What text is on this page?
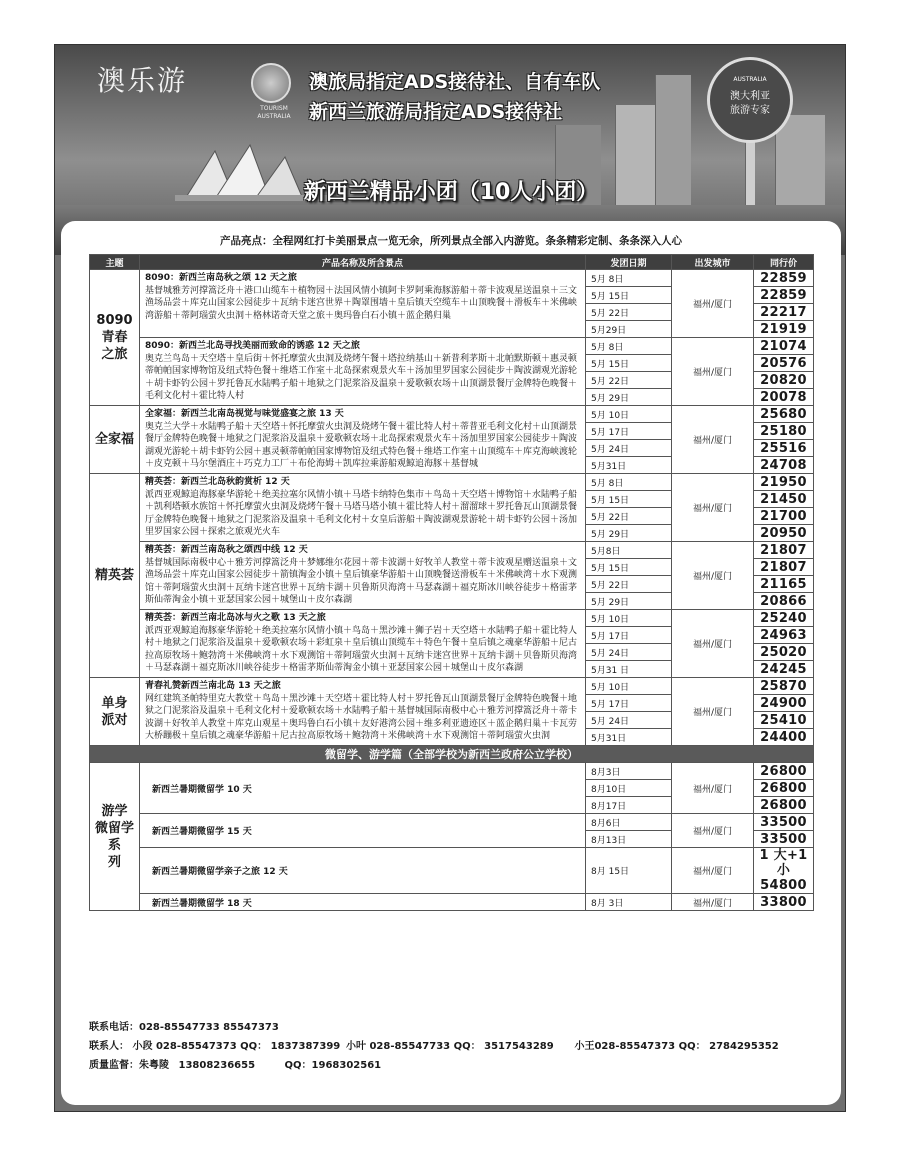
澳乐游
TOURISM AUSTRALIA
澳旅局指定ADS接待社、自有车队
新西兰旅游局指定ADS接待社
AUSTRALIA
澳大利亚
旅游专家
新西兰精品小团（10人小团）
产品亮点：全程网红打卡美丽景点一览无余，所列景点全部入内游览。条条精彩定制、条条深入人心
联系电话：028-85547733 85547373
联系人： 小段 028-85547373 QQ： 1837387399 小叶 028-85547733 QQ： 3517543289 小王028-85547373 QQ： 2784295352
质量监督：朱粤陵 13808236655	QQ：1968302561
主题	产品名称及所含景点	发团日期	出发城市	同行价
8090
青春
之旅	8090：新西兰南岛秋之颂 12 天之旅
基督城雅芳河撑篙泛舟＋港口山缆车＋植物园＋法国风情小镇阿卡罗阿乘海豚游船＋蒂卡波观星送温泉＋三文渔场品尝＋库克山国家公园徒步＋瓦纳卡迷宫世界＋陶罩围墙＋皇后镇天空缆车＋山顶晚餐＋滑板车＋米佛峡湾游船＋蒂阿瑙萤火虫洞＋格林诺奇天堂之旅＋奥玛鲁白石小镇＋蓝企鹅归巢	5月 8日	福州/厦门	22859
		5月 15日		22859
		5月 22日		22217
		5月29日		21919

	8090：新西兰北岛寻找美丽而致命的诱惑 12 天之旅
奥克兰鸟岛＋天空塔＋皇后街＋怀托摩萤火虫洞及烧烤午餐＋塔拉纳基山＋新普利茅斯＋北帕默斯顿＋惠灵顿蒂帕帕国家博物馆及纽式特色餐＋维塔工作室＋北岛探索观景火车＋汤加里罗国家公园徒步＋陶波湖观光游轮＋胡卡虾钓公园＋罗托鲁瓦水陆鸭子船＋地狱之门泥浆浴及温泉＋爱歌顿农场＋山顶湖景餐厅金牌特色晚餐＋毛利文化村＋霍比特人村	5月 8日	福州/厦门	21074
		5月 15日		20576
		5月 22日		20820
		5月 29日		20078
全家福	全家福：新西兰北南岛视觉与味觉盛宴之旅 13 天
奥克兰大学＋水陆鸭子船＋天空塔＋怀托摩萤火虫洞及烧烤午餐＋霍比特人村＋蒂普亚毛利文化村＋山顶湖景餐厅金牌特色晚餐＋地狱之门泥浆浴及温泉＋爱歌顿农场＋北岛探索观景火车＋汤加里罗国家公园徒步＋陶波湖观光游轮＋胡卡虾钓公园＋惠灵顿蒂帕帕国家博物馆及纽式特色餐＋维塔工作室＋山顶缆车＋库克海峡渡轮＋皮克顿＋马尔堡酒庄＋巧克力工厂＋布伦海姆＋凯库拉乘游船观鲸追海豚＋基督城	5月 10日	福州/厦门	25680
		5月 17日		25180
		5月 24日		25516
		5月31日		24708
精英荟	精英荟：新西兰北岛秋韵赏析 12 天
派西亚观鲸追海豚豪华游轮＋绝美拉塞尔风情小镇＋马塔卡纳特色集市＋鸟岛＋天空塔＋博物馆＋水陆鸭子船＋凯利塔顿水族馆＋怀托摩萤火虫洞及烧烤午餐＋马塔马塔小镇＋霍比特人村＋溜溜球＋罗托鲁瓦山顶湖景餐厅金牌特色晚餐＋地狱之门泥浆浴及温泉＋毛利文化村＋女皇后游船＋陶波湖观景游轮＋胡卡虾钓公园＋汤加里罗国家公园＋探索之旅观光火车	5月 8日	福州/厦门	21950
		5月 15日		21450
		5月 22日		21700
		5月 29日		20950

	精英荟：新西兰南岛秋之颂西中线 12 天
基督城国际南极中心＋雅芳河撑篙泛舟＋梦娜维尔花园＋蒂卡波湖＋好牧羊人教堂＋蒂卡波观星赠送温泉＋文渔场品尝＋库克山国家公园徒步＋箭镇淘金小镇＋皇后镇豪华游船＋山顶晚餐送滑板车＋米佛峡湾＋水下观测馆＋蒂阿瑙萤火虫洞＋瓦纳卡迷宫世界＋瓦纳卡湖＋贝鲁斯贝海湾＋马瑟森湖＋福克斯冰川峡谷徒步＋格雷茅斯仙蒂淘金小镇＋亚瑟国家公园＋城堡山＋皮尔森湖	5月8日	福州/厦门	21807
		5月 15日		21807
		5月 22日		21165
		5月 29日		20866

	精英荟：新西兰南北岛冰与火之歌 13 天之旅
派西亚观鲸追海豚豪华游轮＋绝美拉塞尔风情小镇＋鸟岛＋黑沙滩＋狮子岩＋天空塔＋水陆鸭子船＋霍比特人村＋地狱之门泥浆浴及温泉＋爱歌顿农场＋彩虹泉＋皇后镇山顶缆车＋特色午餐＋皇后镇之魂豪华游船＋尼古拉高原牧场＋鲍勃湾＋米佛峡湾＋水下观测馆＋蒂阿瑙萤火虫洞＋瓦纳卡迷宫世界＋瓦纳卡湖＋贝鲁斯贝海湾＋马瑟森湖＋福克斯冰川峡谷徒步＋格雷茅斯仙蒂淘金小镇＋亚瑟国家公园＋城堡山＋皮尔森湖	5月 10日	福州/厦门	25240
		5月 17日		24963
		5月 24日		25020
		5月31 日		24245
单身
派对	青春礼赞新西兰南北岛 13 天之旅
网红建筑圣帕特里克大教堂＋鸟岛＋黑沙滩＋天空塔＋霍比特人村＋罗托鲁瓦山顶湖景餐厅金牌特色晚餐＋地狱之门泥浆浴及温泉＋毛利文化村＋爱歌顿农场＋水陆鸭子船＋基督城国际南极中心＋雅芳河撑篙泛舟＋蒂卡波湖＋好牧羊人教堂＋库克山观星＋奥玛鲁白石小镇＋友好港湾公园＋维多利亚遗迹区＋蓝企鹅归巢＋卡瓦劳大桥蹦极＋皇后镇之魂豪华游船＋尼古拉高原牧场＋鲍勃湾＋米佛峡湾＋水下观测馆＋蒂阿瑙萤火虫洞	5月 10日	福州/厦门	25870
		5月 17日		24900
		5月 24日		25410
		5月31日		24400
微留学、游学篇（全部学校为新西兰政府公立学校）				
游学
微留学系
列	新西兰暑期微留学 10 天	8月3日	福州/厦门	26800
		8月10日		26800
		8月17日		26800
	新西兰暑期微留学 15 天	8月6日	福州/厦门	33500
		8月13日		33500
	新西兰暑期微留学亲子之旅 12 天	8月 15日	福州/厦门	1 大+1
小 54800
	新西兰暑期微留学 18 天	8月 3日	福州/厦门	33800
